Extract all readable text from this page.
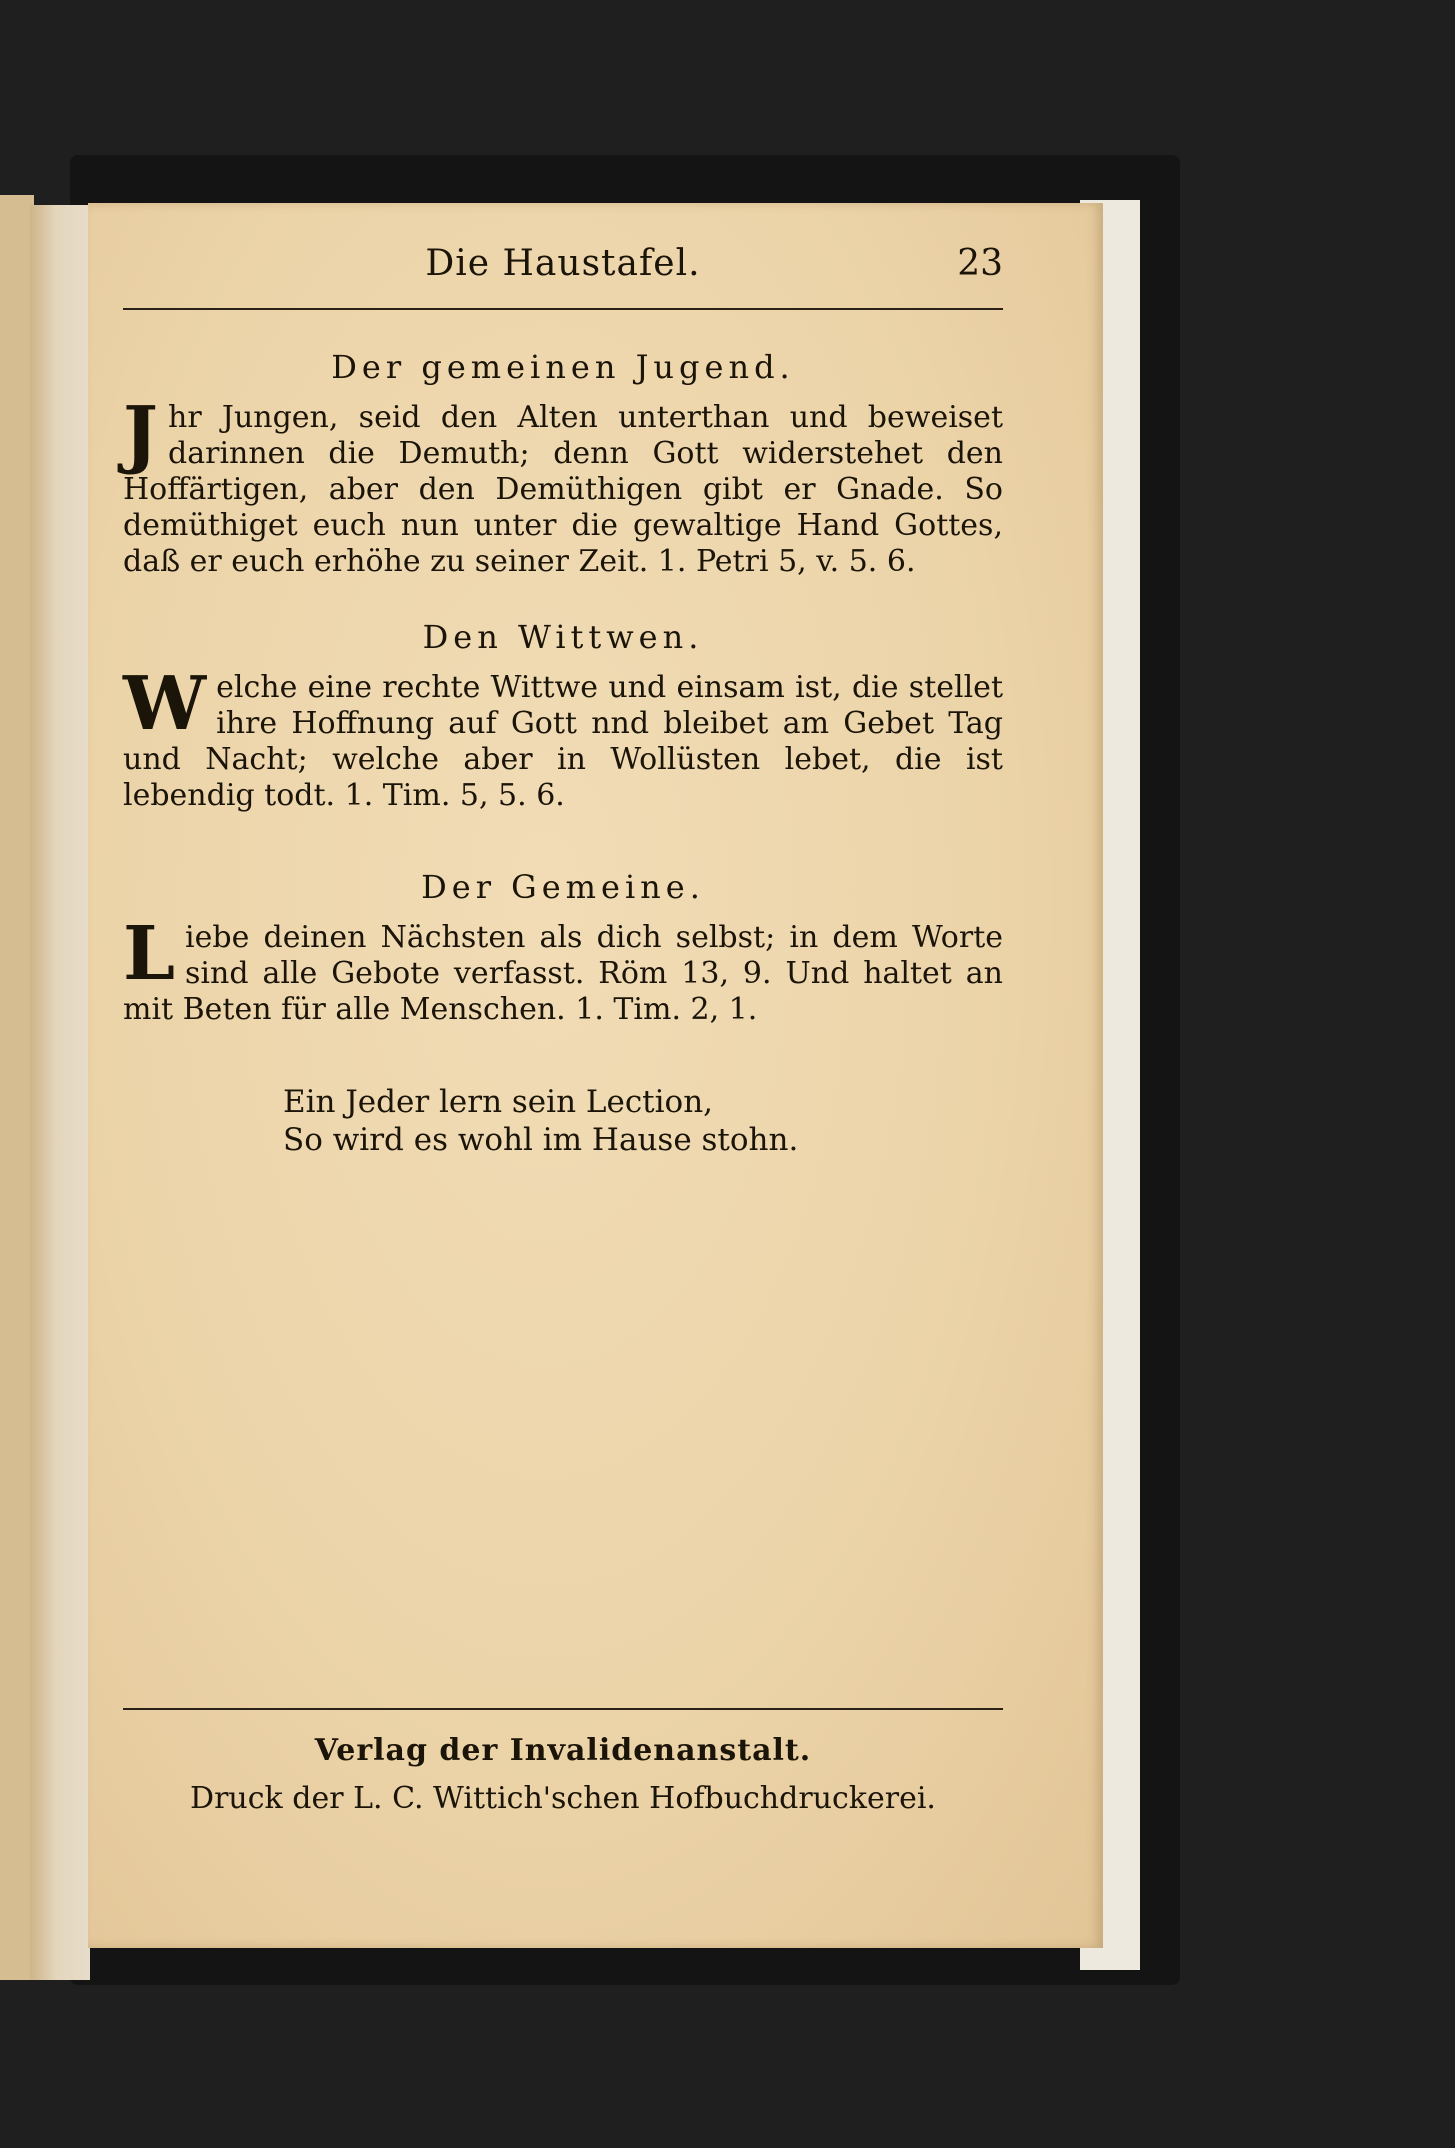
Die Haustafel.	23
Der gemeinen Jugend.

Jhr Jungen, seid den Alten unterthan und beweiset darinnen die Demuth; denn Gott widerstehet den Hoffärtigen, aber den Demüthigen gibt er Gnade. So demüthiget euch nun unter die gewaltige Hand Gottes, daß er euch erhöhe zu seiner Zeit. 1. Petri 5, v. 5. 6.

Den Wittwen.

Welche eine rechte Wittwe und einsam ist, die stellet ihre Hoffnung auf Gott nnd bleibet am Gebet Tag und Nacht; welche aber in Wollüsten lebet, die ist lebendig todt. 1. Tim. 5, 5. 6.

Der Gemeine.

Liebe deinen Nächsten als dich selbst; in dem Worte sind alle Gebote verfasst. Röm 13, 9. Und haltet an mit Beten für alle Menschen. 1. Tim. 2, 1.

Ein Jeder lern sein Lection,
So wird es wohl im Hause stohn.
Verlag der Invalidenanstalt.
Druck der L. C. Wittich'schen Hofbuchdruckerei.
